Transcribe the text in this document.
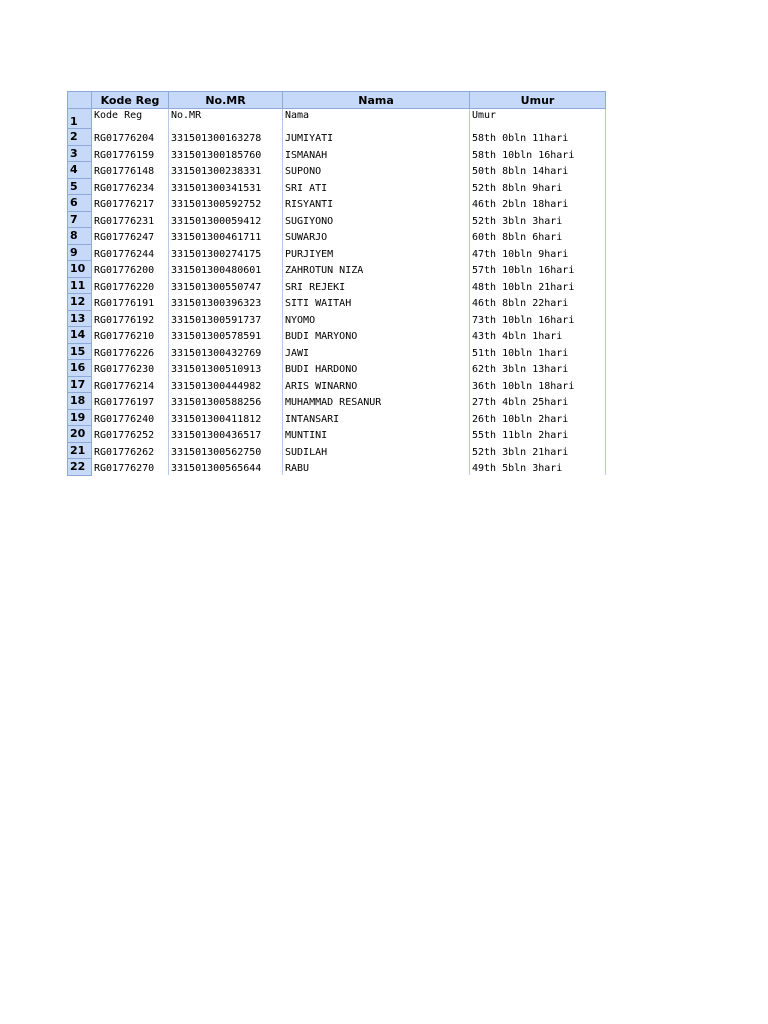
	Kode Reg	No.MR	Nama	Umur
1	Kode Reg	No.MR	Nama	Umur
2	RG01776204	331501300163278	JUMIYATI	58th 0bln 11hari
3	RG01776159	331501300185760	ISMANAH	58th 10bln 16hari
4	RG01776148	331501300238331	SUPONO	50th 8bln 14hari
5	RG01776234	331501300341531	SRI ATI	52th 8bln 9hari
6	RG01776217	331501300592752	RISYANTI	46th 2bln 18hari
7	RG01776231	331501300059412	SUGIYONO	52th 3bln 3hari
8	RG01776247	331501300461711	SUWARJO	60th 8bln 6hari
9	RG01776244	331501300274175	PURJIYEM	47th 10bln 9hari
10	RG01776200	331501300480601	ZAHROTUN NIZA	57th 10bln 16hari
11	RG01776220	331501300550747	SRI REJEKI	48th 10bln 21hari
12	RG01776191	331501300396323	SITI WAITAH	46th 8bln 22hari
13	RG01776192	331501300591737	NYOMO	73th 10bln 16hari
14	RG01776210	331501300578591	BUDI MARYONO	43th 4bln 1hari
15	RG01776226	331501300432769	JAWI	51th 10bln 1hari
16	RG01776230	331501300510913	BUDI HARDONO	62th 3bln 13hari
17	RG01776214	331501300444982	ARIS WINARNO	36th 10bln 18hari
18	RG01776197	331501300588256	MUHAMMAD RESANUR	27th 4bln 25hari
19	RG01776240	331501300411812	INTANSARI	26th 10bln 2hari
20	RG01776252	331501300436517	MUNTINI	55th 11bln 2hari
21	RG01776262	331501300562750	SUDILAH	52th 3bln 21hari
22	RG01776270	331501300565644	RABU	49th 5bln 3hari
